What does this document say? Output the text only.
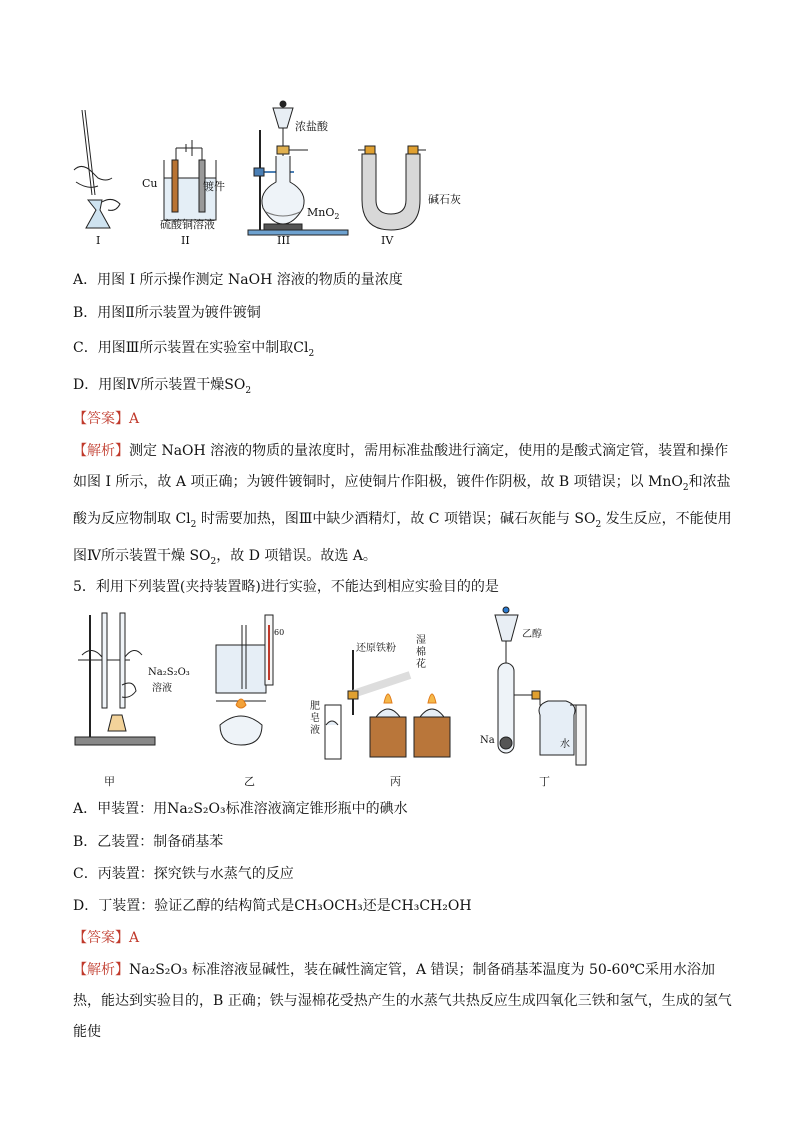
浓盐酸
Cu	镀件
硫酸铜溶液
MnO$_2$
碱石灰
I	II	III	IV
A．用图 I 所示操作测定 NaOH 溶液的物质的量浓度
B．用图Ⅱ所示装置为镀件镀铜
C．用图Ⅲ所示装置在实验室中制取$Cl_2$
D．用图Ⅳ所示装置干燥$SO_2$
【答案】A
【解析】测定 NaOH 溶液的物质的量浓度时，需用标准盐酸进行滴定，使用的是酸式滴定管，装置和操作如图 I 所示，故 A 项正确；为镀件镀铜时，应使铜片作阳极，镀件作阴极，故 B 项错误；以 MnO$_2$和浓盐酸为反应物制取 $Cl_2$ 时需要加热，图Ⅲ中缺少酒精灯，故 C 项错误；碱石灰能与 $SO_2$ 发生反应，不能使用图Ⅳ所示装置干燥 $SO_2$，故 D 项错误。故选 A。
5．利用下列装置(夹持装置略)进行实验，不能达到相应实验目的的是
Na₂S₂O₃
溶液
60
还原铁粉
湿
棉
花
肥
皂
液
乙醇
Na	水
甲	乙	丙	丁
A．甲装置：用Na₂S₂O₃标准溶液滴定锥形瓶中的碘水
B．乙装置：制备硝基苯
C．丙装置：探究铁与水蒸气的反应
D．丁装置：验证乙醇的结构简式是CH₃OCH₃还是CH₃CH₂OH
【答案】A
【解析】Na₂S₂O₃ 标准溶液显碱性，装在碱性滴定管，A 错误；制备硝基苯温度为 50-60℃采用水浴加热，能达到实验目的，B 正确；铁与湿棉花受热产生的水蒸气共热反应生成四氧化三铁和氢气，生成的氢气能使
